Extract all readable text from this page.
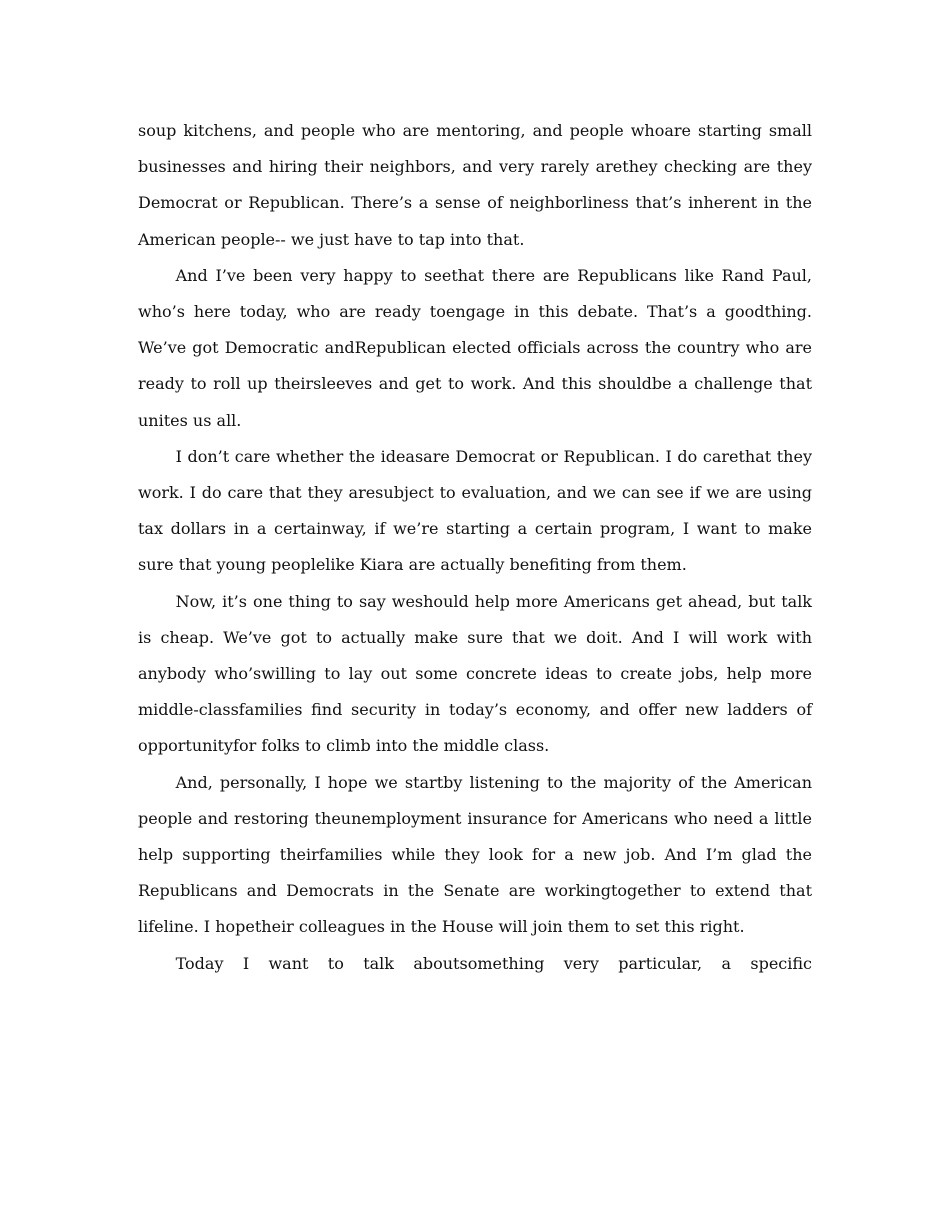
soup kitchens, and people who are mentoring, and people whoare starting small businesses and hiring their neighbors, and very rarely arethey checking are they Democrat or Republican. There’s a sense of neighborliness that’s inherent in the American people-- we just have to tap into that.

And I’ve been very happy to seethat there are Republicans like Rand Paul, who’s here today, who are ready toengage in this debate. That’s a goodthing. We’ve got Democratic andRepublican elected officials across the country who are ready to roll up theirsleeves and get to work. And this shouldbe a challenge that unites us all.

I don’t care whether the ideasare Democrat or Republican. I do carethat they work. I do care that they aresubject to evaluation, and we can see if we are using tax dollars in a certainway, if we’re starting a certain program, I want to make sure that young peoplelike Kiara are actually benefiting from them.

Now, it’s one thing to say weshould help more Americans get ahead, but talk is cheap. We’ve got to actually make sure that we doit. And I will work with anybody who’swilling to lay out some concrete ideas to create jobs, help more middle-classfamilies find security in today’s economy, and offer new ladders of opportunityfor folks to climb into the middle class.

And, personally, I hope we startby listening to the majority of the American people and restoring theunemployment insurance for Americans who need a little help supporting theirfamilies while they look for a new job. And I’m glad the Republicans and Democrats in the Senate are workingtogether to extend that lifeline. I hopetheir colleagues in the House will join them to set this right.

Today I want to talk aboutsomething very particular, a specific
